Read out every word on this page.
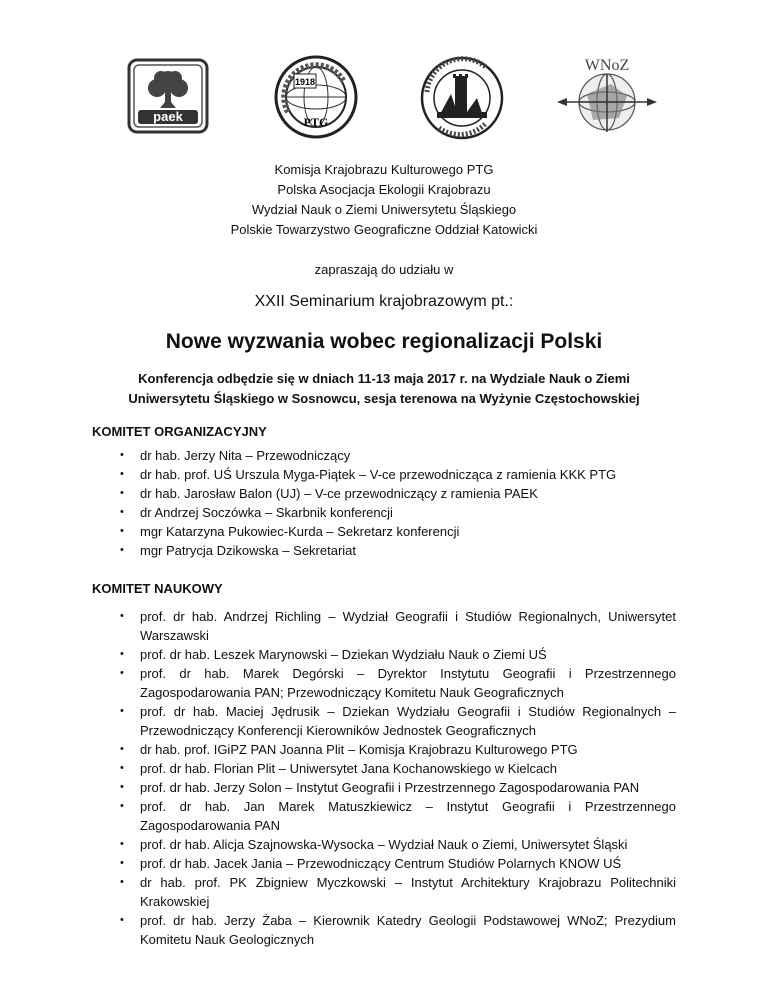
paek
1918
PTG
WNoZ
Komisja Krajobrazu Kulturowego PTG
Polska Asocjacja Ekologii Krajobrazu
Wydział Nauk o Ziemi Uniwersytetu Śląskiego
Polskie Towarzystwo Geograficzne Oddział Katowicki
zapraszają do udziału w
XXII Seminarium krajobrazowym pt.:
Nowe wyzwania wobec regionalizacji Polski
Konferencja odbędzie się w dniach 11-13 maja 2017 r. na Wydziale Nauk o Ziemi
Uniwersytetu Śląskiego w Sosnowcu, sesja terenowa na Wyżynie Częstochowskiej
KOMITET ORGANIZACYJNY
• dr hab. Jerzy Nita – Przewodniczący
• dr hab. prof. UŚ Urszula Myga-Piątek – V-ce przewodnicząca z ramienia KKK PTG
• dr hab. Jarosław Balon (UJ) – V-ce przewodniczący z ramienia PAEK
• dr Andrzej Soczówka – Skarbnik konferencji
• mgr Katarzyna Pukowiec-Kurda – Sekretarz konferencji
• mgr Patrycja Dzikowska – Sekretariat
KOMITET NAUKOWY
• prof. dr hab. Andrzej Richling – Wydział Geografii i Studiów Regionalnych, Uniwersytet Warszawski
• prof. dr hab. Leszek Marynowski – Dziekan Wydziału Nauk o Ziemi UŚ
• prof. dr hab. Marek Degórski – Dyrektor Instytutu Geografii i Przestrzennego Zagospodarowania PAN; Przewodniczący Komitetu Nauk Geograficznych
• prof. dr hab. Maciej Jędrusik – Dziekan Wydziału Geografii i Studiów Regionalnych – Przewodniczący Konferencji Kierowników Jednostek Geograficznych
• dr hab. prof. IGiPZ PAN Joanna Plit – Komisja Krajobrazu Kulturowego PTG
• prof. dr hab. Florian Plit – Uniwersytet Jana Kochanowskiego w Kielcach
• prof. dr hab. Jerzy Solon – Instytut Geografii i Przestrzennego Zagospodarowania PAN
• prof. dr hab. Jan Marek Matuszkiewicz – Instytut Geografii i Przestrzennego Zagospodarowania PAN
• prof. dr hab. Alicja Szajnowska-Wysocka – Wydział Nauk o Ziemi, Uniwersytet Śląski
• prof. dr hab. Jacek Jania – Przewodniczący Centrum Studiów Polarnych KNOW UŚ
• dr hab. prof. PK Zbigniew Myczkowski – Instytut Architektury Krajobrazu Politechniki Krakowskiej
• prof. dr hab. Jerzy Żaba – Kierownik Katedry Geologii Podstawowej WNoZ; Prezydium Komitetu Nauk Geologicznych
